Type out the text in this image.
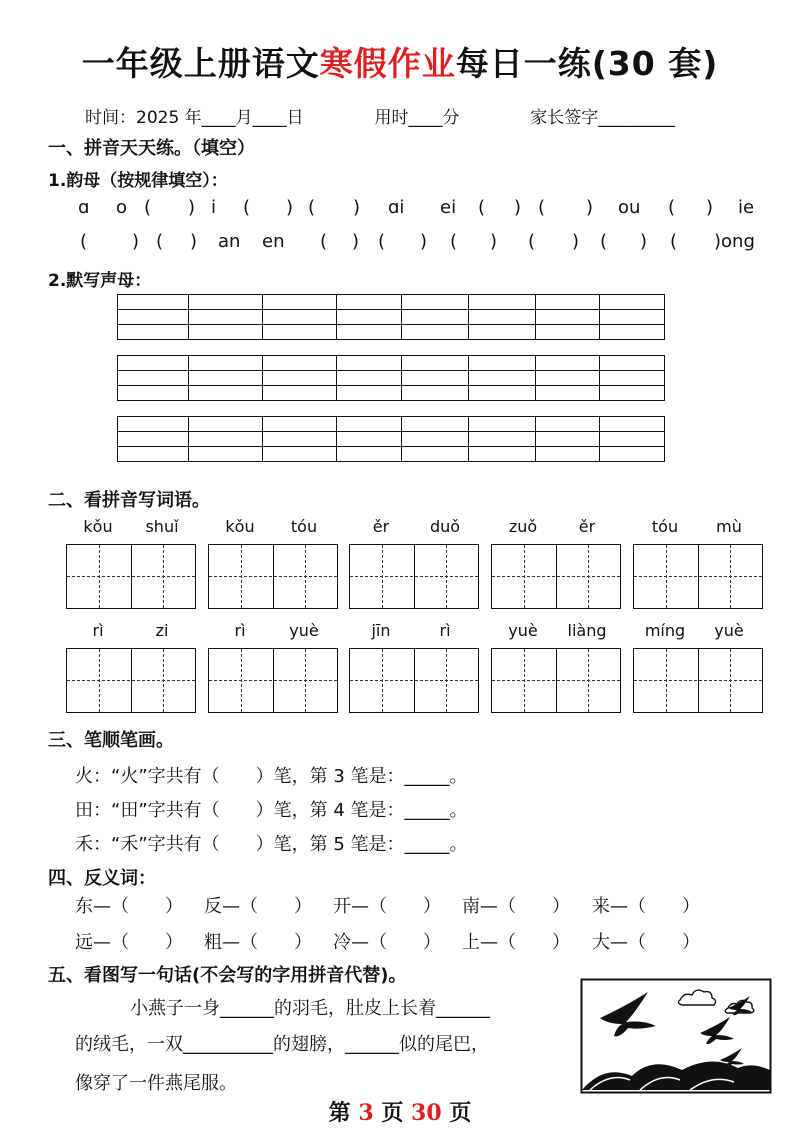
一年级上册语文寒假作业每日一练(30 套)
时间：2025 年____月____日	用时____分	家长签字_________
一、拼音天天练。（填空）
1.韵母（按规律填空）：
ɑ o ( ) i ( ) ( ) ɑi ei ( ) ( ) ou ( ) ie
( ) ( ) an en ( ) ( ) ( ) ( ) ( ) ( )ong
2.默写声母：

二、看拼音写词语。
kǒu	shuǐ	kǒu	tóu	ěr	duǒ	zuǒ	ěr	tóu	mù
rì	zi	rì	yuè	jīn	rì	yuè	liàng	míng	yuè
三、笔顺笔画。
火：“火”字共有（　　）笔，第 3 笔是：_____。
田：“田”字共有（　　）笔，第 4 笔是：_____。
禾：“禾”字共有（　　）笔，第 5 笔是：_____。
四、反义词：
东—（　　） 反—（　　） 开—（　　） 南—（　　） 来—（　　）
远—（　　） 粗—（　　） 冷—（　　） 上—（　　） 大—（　　）
五、看图写一句话(不会写的字用拼音代替)。
小燕子一身______的羽毛，肚皮上长着______
的绒毛，一双__________的翅膀，______似的尾巴，
像穿了一件燕尾服。
第 3 页 30 页
